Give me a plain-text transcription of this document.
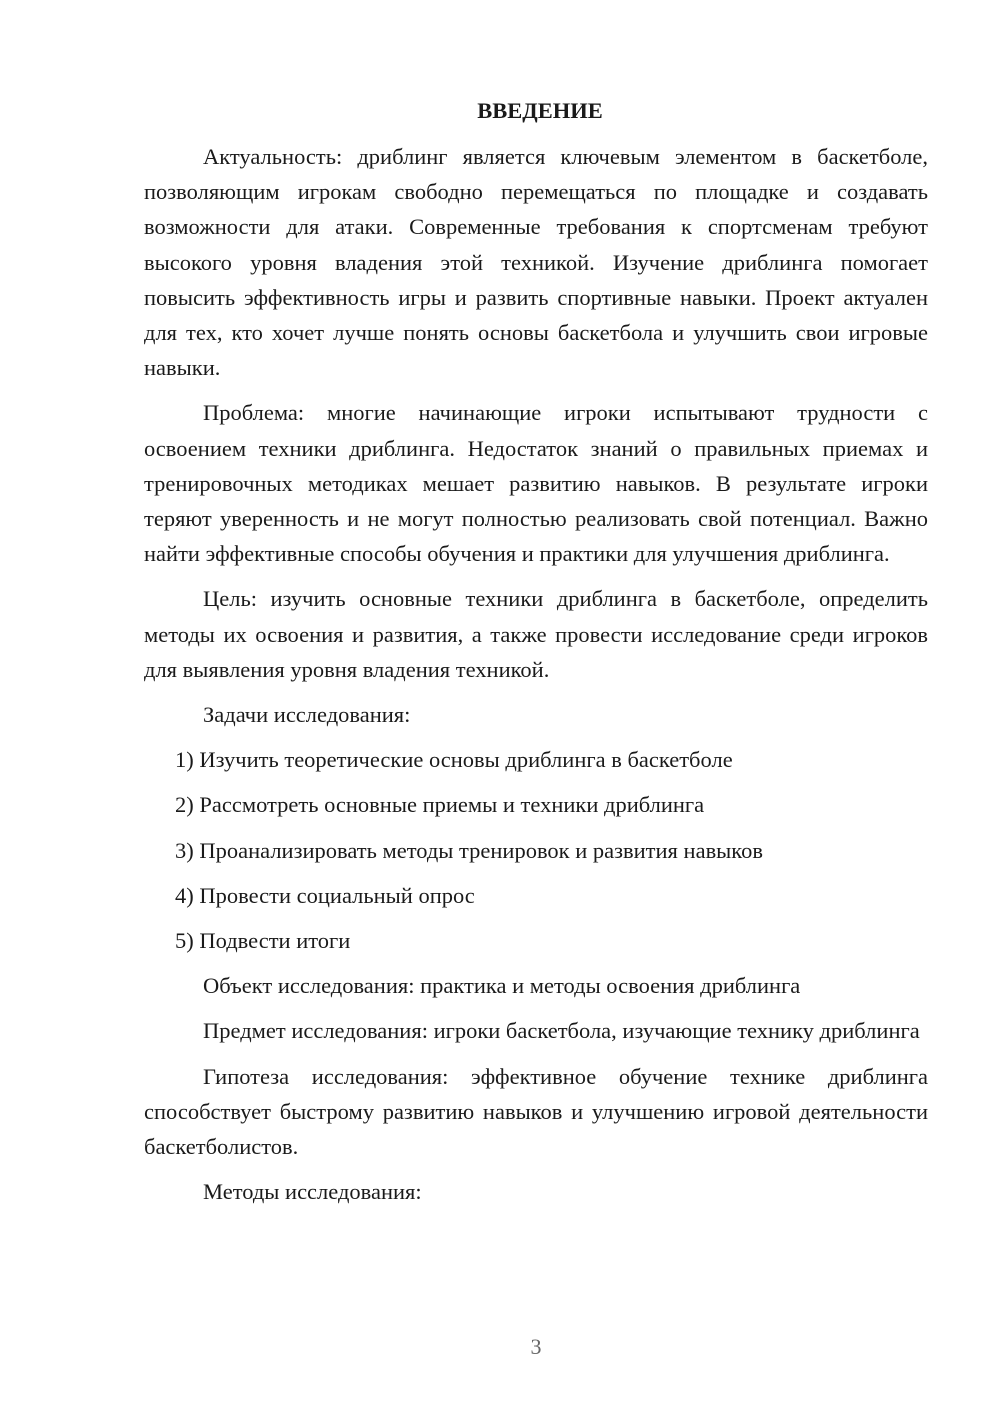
ВВЕДЕНИЕ

Актуальность: дриблинг является ключевым элементом в баскетболе, позволяющим игрокам свободно перемещаться по площадке и создавать возможности для атаки. Современные требования к спортсменам требуют высокого уровня владения этой техникой. Изучение дриблинга помогает повысить эффективность игры и развить спортивные навыки. Проект актуален для тех, кто хочет лучше понять основы баскетбола и улучшить свои игровые навыки.

Проблема: многие начинающие игроки испытывают трудности с освоением техники дриблинга. Недостаток знаний о правильных приемах и тренировочных методиках мешает развитию навыков. В результате игроки теряют уверенность и не могут полностью реализовать свой потенциал. Важно найти эффективные способы обучения и практики для улучшения дриблинга.

Цель: изучить основные техники дриблинга в баскетболе, определить методы их освоения и развития, а также провести исследование среди игроков для выявления уровня владения техникой.

Задачи исследования:

1) Изучить теоретические основы дриблинга в баскетболе

2) Рассмотреть основные приемы и техники дриблинга

3) Проанализировать методы тренировок и развития навыков

4) Провести социальный опрос

5) Подвести итоги

Объект исследования: практика и методы освоения дриблинга

Предмет исследования: игроки баскетбола, изучающие технику дриблинга

Гипотеза исследования: эффективное обучение технике дриблинга способствует быстрому развитию навыков и улучшению игровой деятельности баскетболистов.

Методы исследования:

3
